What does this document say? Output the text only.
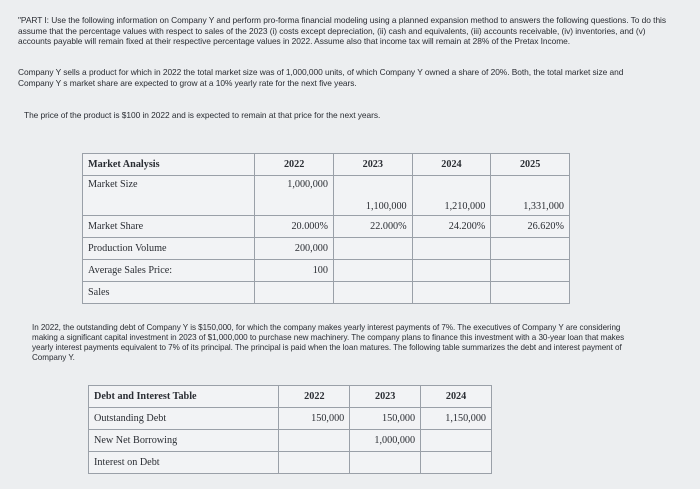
"PART I: Use the following information on Company Y and perform pro-forma financial modeling using a planned expansion method to answers the following questions. To do this assume that the percentage values with respect to sales of the 2023 (i) costs except depreciation, (ii) cash and equivalents, (iii) accounts receivable, (iv) inventories, and (v) accounts payable will remain fixed at their respective percentage values in 2022. Assume also that income tax will remain at 28% of the Pretax Income.
Company Y sells a product for which in 2022 the total market size was of 1,000,000 units, of which Company Y owned a share of 20%. Both, the total market size and Company Y s market share are expected to grow at a 10% yearly rate for the next five years.
The price of the product is $100 in 2022 and is expected to remain at that price for the next years.
Market Analysis	2022	2023	2024	2025
Market Size	1,000,000	1,100,000	1,210,000	1,331,000
Market Share	20.000%	22.000%	24.200%	26.620%
Production Volume	200,000			
Average Sales Price:	100			
Sales				
In 2022, the outstanding debt of Company Y is $150,000, for which the company makes yearly interest payments of 7%. The executives of Company Y are considering making a significant capital investment in 2023 of $1,000,000 to purchase new machinery. The company plans to finance this investment with a 30-year loan that makes yearly interest payments equivalent to 7% of its principal. The principal is paid when the loan matures. The following table summarizes the debt and interest payment of Company Y.
Debt and Interest Table	2022	2023	2024
Outstanding Debt	150,000	150,000	1,150,000
New Net Borrowing		1,000,000	
Interest on Debt			
